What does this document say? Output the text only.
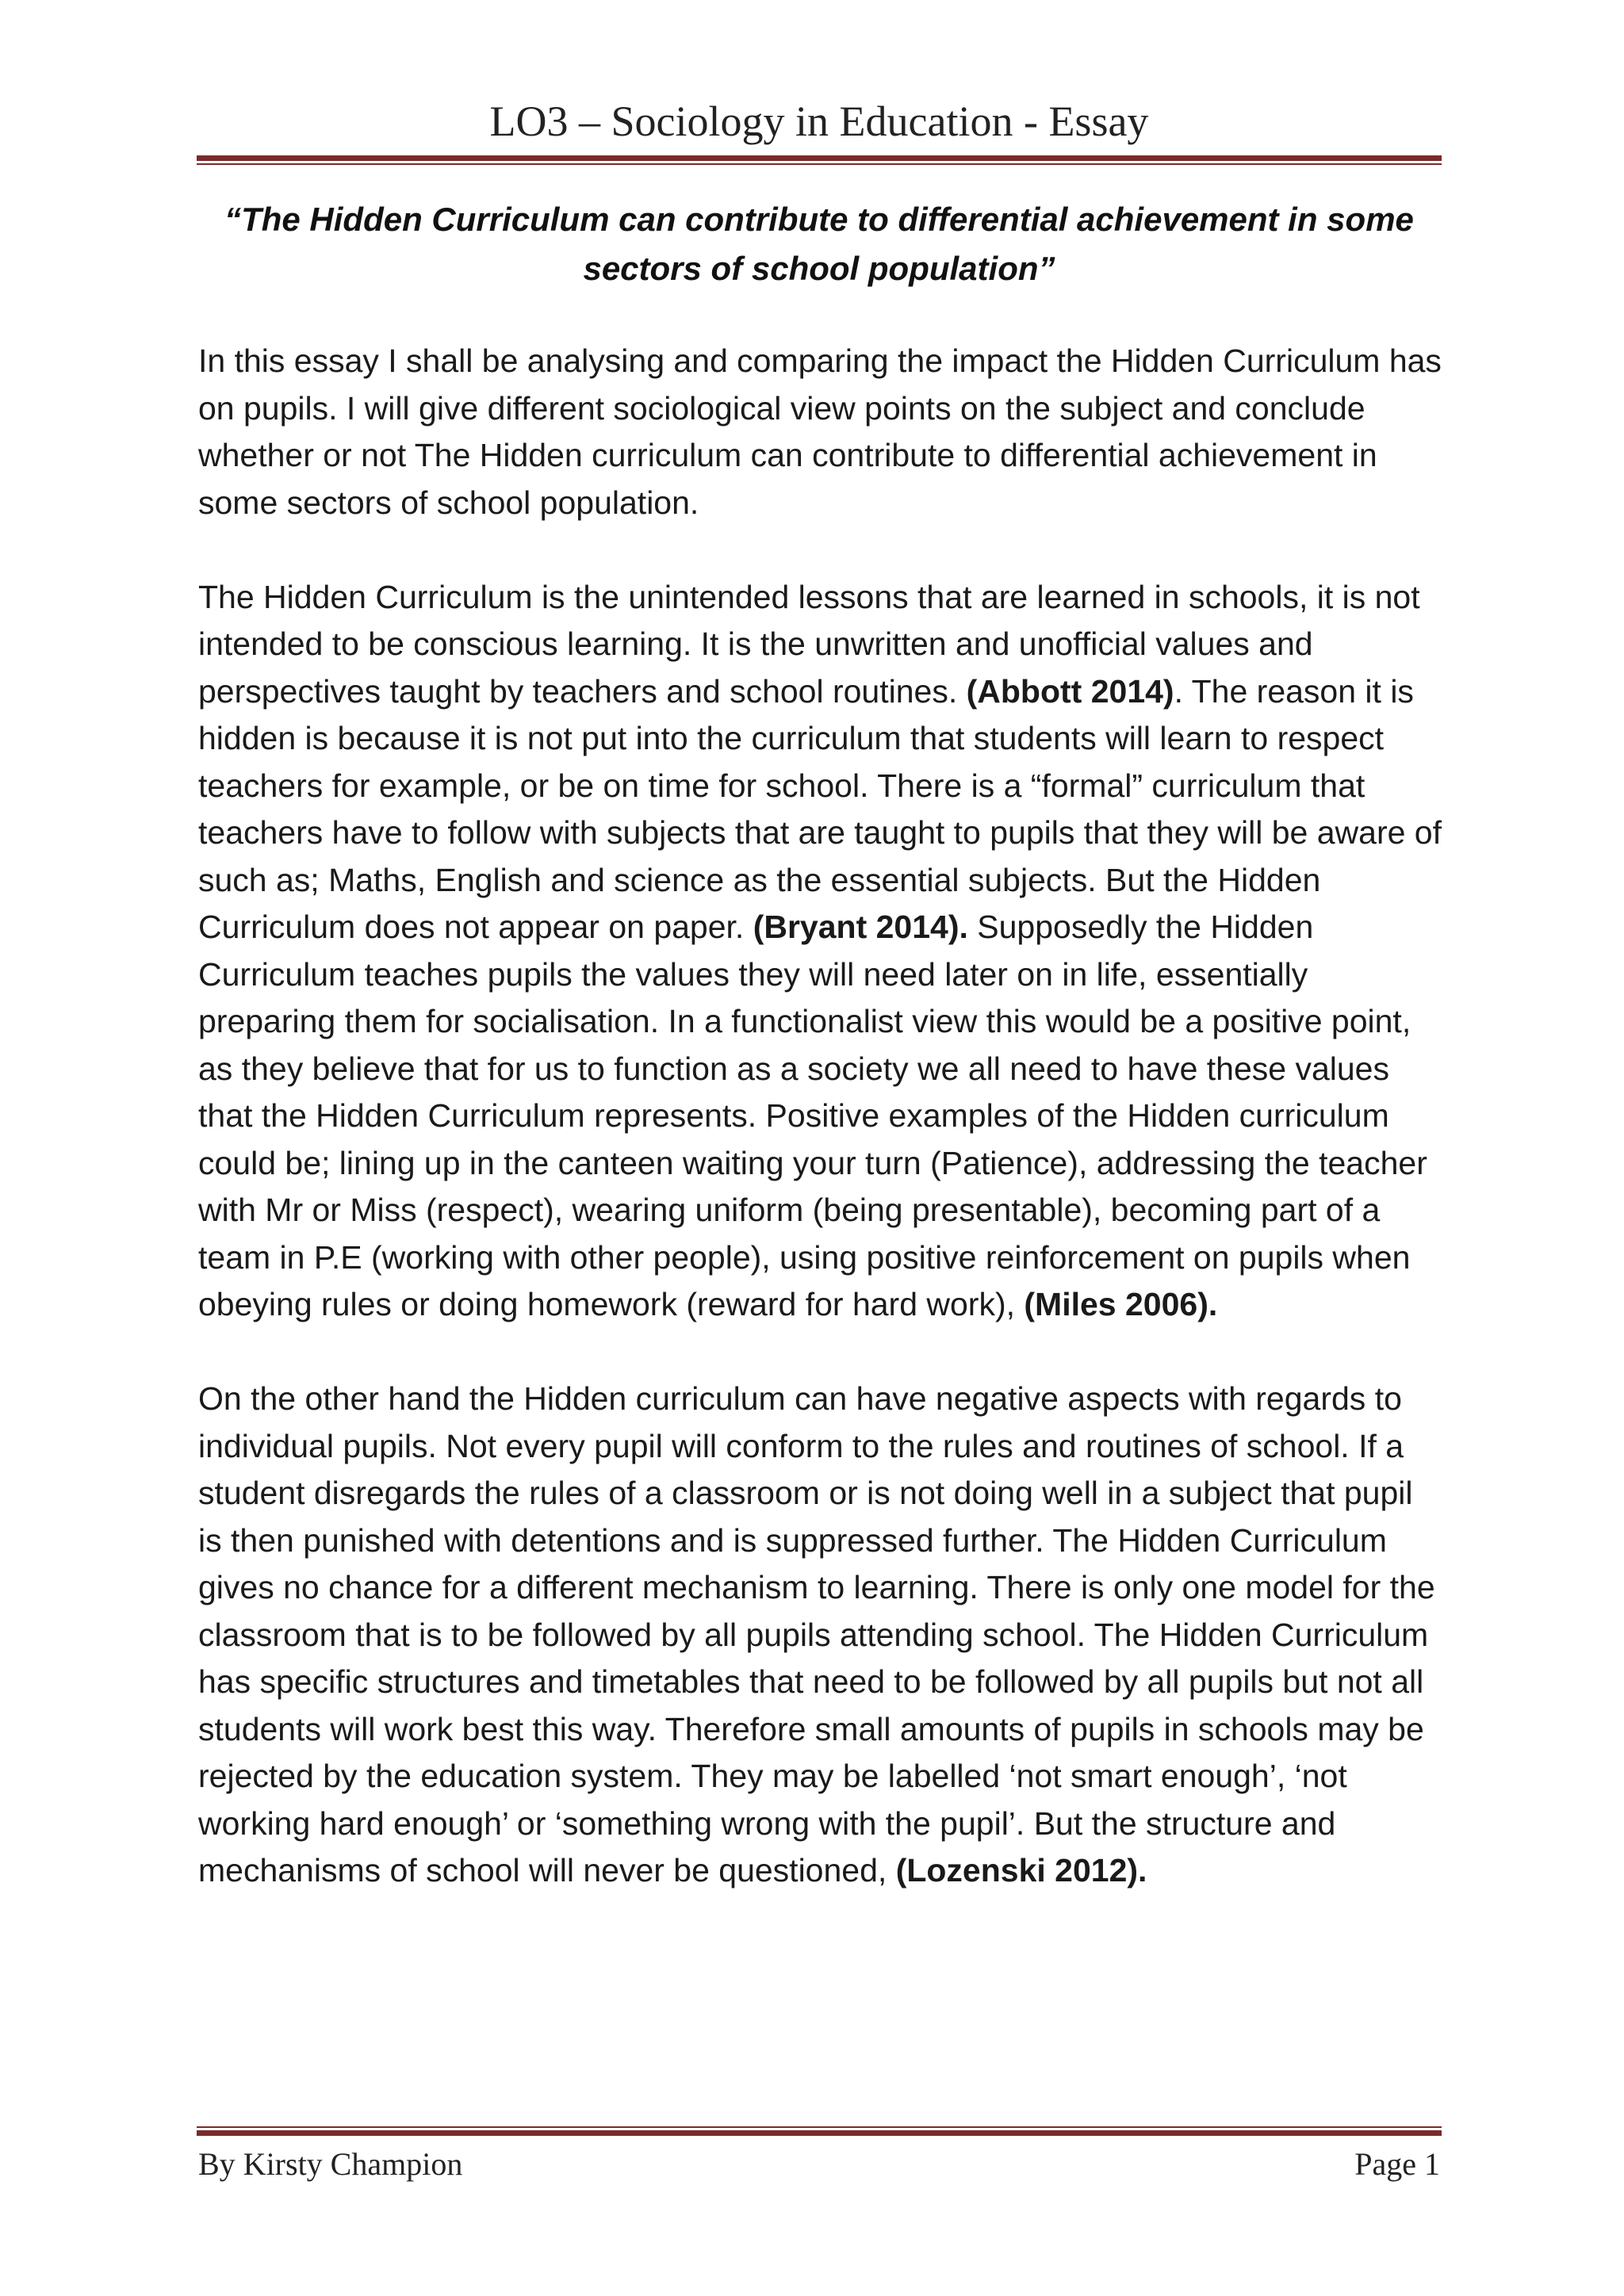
LO3 – Sociology in Education - Essay
“The Hidden Curriculum can contribute to differential achievement in some sectors of school population”

In this essay I shall be analysing and comparing the impact the Hidden Curriculum has on pupils. I will give different sociological view points on the subject and conclude whether or not The Hidden curriculum can contribute to differential achievement in some sectors of school population.

The Hidden Curriculum is the unintended lessons that are learned in schools, it is not intended to be conscious learning. It is the unwritten and unofficial values and perspectives taught by teachers and school routines. (Abbott 2014). The reason it is hidden is because it is not put into the curriculum that students will learn to respect teachers for example, or be on time for school. There is a “formal” curriculum that teachers have to follow with subjects that are taught to pupils that they will be aware of such as; Maths, English and science as the essential subjects. But the Hidden Curriculum does not appear on paper. (Bryant 2014). Supposedly the Hidden Curriculum teaches pupils the values they will need later on in life, essentially preparing them for socialisation. In a functionalist view this would be a positive point, as they believe that for us to function as a society we all need to have these values that the Hidden Curriculum represents. Positive examples of the Hidden curriculum could be; lining up in the canteen waiting your turn (Patience), addressing the teacher with Mr or Miss (respect), wearing uniform (being presentable), becoming part of a team in P.E (working with other people), using positive reinforcement on pupils when obeying rules or doing homework (reward for hard work), (Miles 2006).

On the other hand the Hidden curriculum can have negative aspects with regards to individual pupils. Not every pupil will conform to the rules and routines of school. If a student disregards the rules of a classroom or is not doing well in a subject that pupil is then punished with detentions and is suppressed further. The Hidden Curriculum gives no chance for a different mechanism to learning. There is only one model for the classroom that is to be followed by all pupils attending school. The Hidden Curriculum has specific structures and timetables that need to be followed by all pupils but not all students will work best this way. Therefore small amounts of pupils in schools may be rejected by the education system. They may be labelled ‘not smart enough’, ‘not working hard enough’ or ‘something wrong with the pupil’. But the structure and mechanisms of school will never be questioned, (Lozenski 2012).

By Kirsty Champion	Page 1
